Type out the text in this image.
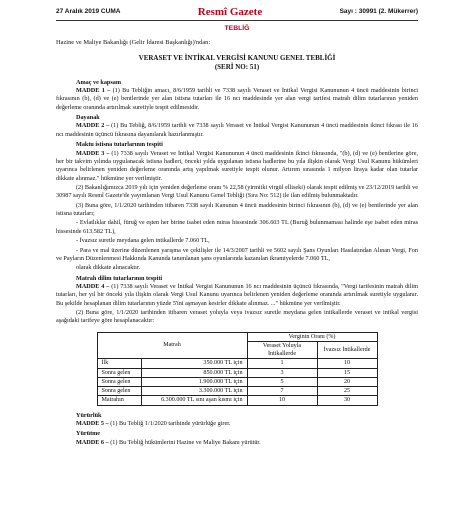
27 Aralık 2019 CUMA	Resmî Gazete	Sayı : 30991 (2. Mükerrer)
TEBLİĞ
Hazine ve Maliye Bakanlığı (Gelir İdaresi Başkanlığı)'ndan:
VERASET VE İNTİKAL VERGİSİ KANUNU GENEL TEBLİĞİ
(SERİ NO: 51)
Amaç ve kapsam

MADDE 1 – (1) Bu Tebliğin amacı, 8/6/1959 tarihli ve 7338 sayılı Veraset ve İntikal Vergisi Kanununun 4 üncü maddesinin birinci fıkrasının (b), (d) ve (e) bentlerinde yer alan istisna tutarları ile 16 ncı maddesinde yer alan vergi tarifesi matrah dilim tutarlarının yeniden değerleme oranında artırılmak suretiyle tespit edilmesidir.

Dayanak

MADDE 2 – (1) Bu Tebliğ, 8/6/1959 tarihli ve 7338 sayılı Veraset ve İntikal Vergisi Kanununun 4 üncü maddesinin ikinci fıkrası ile 16 ncı maddesinin üçüncü fıkrasına dayanılarak hazırlanmıştır.

Maktu istisna tutarlarının tespiti

MADDE 3 – (1) 7338 sayılı Veraset ve İntikal Vergisi Kanununun 4 üncü maddesinin ikinci fıkrasında, "(b), (d) ve (e) bentlerine göre, her bir takvim yılında uygulanacak istisna hadleri, önceki yılda uygulanan istisna hadlerine bu yıla ilişkin olarak Vergi Usul Kanunu hükümleri uyarınca belirlenen yeniden değerleme oranında artış yapılmak suretiyle tespit olunur. Artırım sırasında 1 milyon liraya kadar olan tutarlar dikkate alınmaz." hükmüne yer verilmiştir.

(2) Bakanlığımızca 2019 yılı için yeniden değerleme oranı % 22,58 (yirmiiki virgül elliseki) olarak tespit edilmiş ve 23/12/2019 tarihli ve 30987 sayılı Resmî Gazete'de yayımlanan Vergi Usul Kanunu Genel Tebliği (Sıra No: 512) ile ilan edilmiş bulunmaktadır.

(3) Buna göre, 1/1/2020 tarihinden itibaren 7338 sayılı Kanunun 4 üncü maddesinin birinci fıkrasının (b), (d) ve (e) bentlerinde yer alan istisna tutarları;

- Evlatlıklar dahil, füruğ ve eşten her birine isabet eden miras hissesinde 306.603 TL (Buruğ bulunmaması halinde eşe isabet eden miras hissesinde 613.582 TL),

- İvazsız suretle meydana gelen intikallerde 7.060 TL,

- Para ve mal üzerine düzenlenen yarışma ve çekilişler ile 14/3/2007 tarihli ve 5602 sayılı Şans Oyunları Hasılatından Alınan Vergi, Fon ve Payların Düzenlenmesi Hakkında Kanunda tanımlanan şans oyunlarında kazanılan ikramiyelerde 7.060 TL,

olarak dikkate alınacaktır.

Matrah dilim tutarlarının tespiti

MADDE 4 – (1) 7338 sayılı Veraset ve İntikal Vergisi Kanununun 16 ncı maddesinin üçüncü fıkrasında, "Vergi tarifesinin matrah dilim tutarları, her yıl bir önceki yıla ilişkin olarak Vergi Usul Kanunu uyarınca belirlenen yeniden değerleme oranında artırılmak suretiyle uygulanır. Bu şekilde hesaplanan dilim tutarlarının yüzde 5'ini aşmayan kesirler dikkate alınmaz. ..." hükmüne yer verilmiştir.

(2) Buna göre, 1/1/2020 tarihinden itibaren veraset yoluyla veya ivazsız suretle meydana gelen intikallerde veraset ve intikal vergisi aşağıdaki tarifeye göre hesaplanacaktır:

Matrah		Verginin Oranı (%)	
		Veraset Yoluyla İntikallerde	İvazsız İntikallerde
İlk	350.000 TL için	1	10
Sonra gelen	850.000 TL için	3	15
Sonra gelen	1.900.000 TL için	5	20
Sonra gelen	3.300.000 TL için	7	25
Matrahın	6.300.000 TL sını aşan kısmı için	10	30
Yürürlük

MADDE 5 – (1) Bu Tebliğ 1/1/2020 tarihinde yürürlüğe girer.

Yürütme

MADDE 6 – (1) Bu Tebliğ hükümlerini Hazine ve Maliye Bakanı yürütür.
